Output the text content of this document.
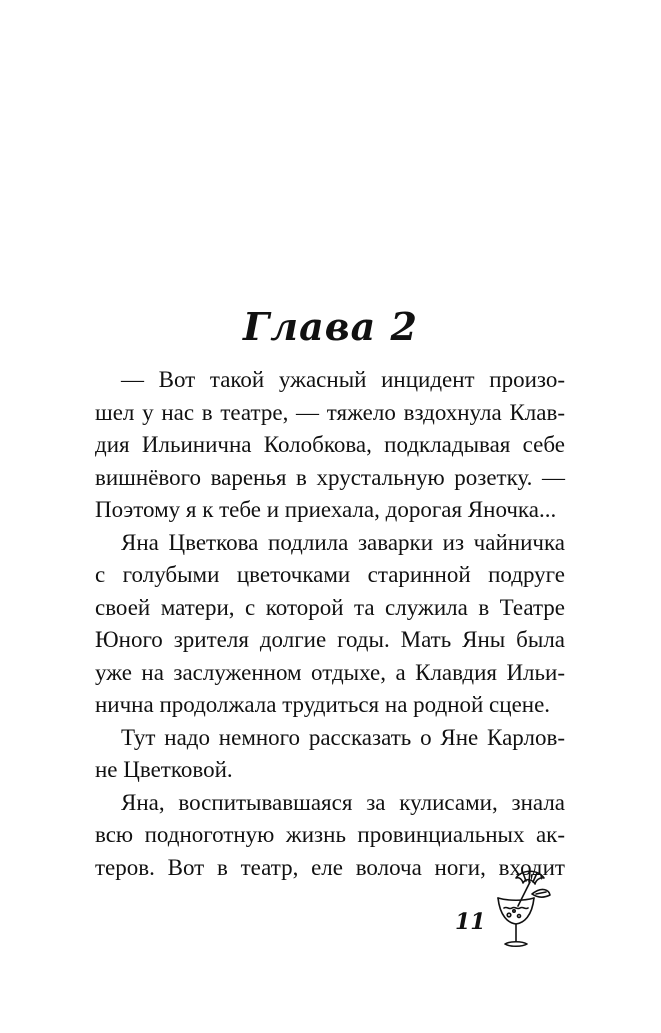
Глава 2
— Вот такой ужасный инцидент произо-
шел у нас в театре, — тяжело вздохнула Клав-
дия Ильинична Колобкова, подкладывая себе
вишнёвого варенья в хрустальную розетку. —
Поэтому я к тебе и приехала, дорогая Яночка...
Яна Цветкова подлила заварки из чайничка
с голубыми цветочками старинной подруге
своей матери, с которой та служила в Театре
Юного зрителя долгие годы. Мать Яны была
уже на заслуженном отдыхе, а Клавдия Ильи-
нична продолжала трудиться на родной сцене.
Тут надо немного рассказать о Яне Карлов-
не Цветковой.
Яна, воспитывавшаяся за кулисами, знала
всю подноготную жизнь провинциальных ак-
теров. Вот в театр, еле волоча ноги, входит
11
